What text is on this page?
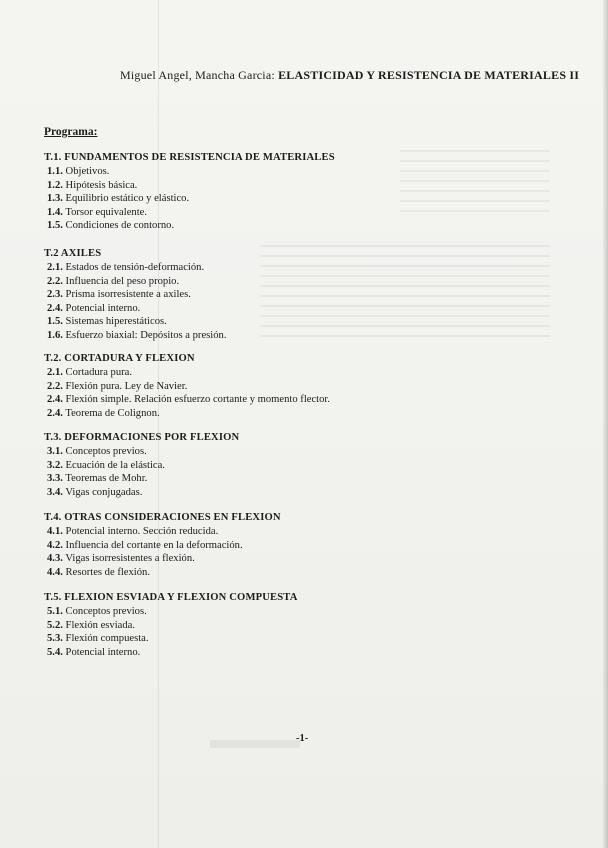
Miguel Angel, Mancha Garcia: ELASTICIDAD Y RESISTENCIA DE MATERIALES II
Programa:
T.1. FUNDAMENTOS DE RESISTENCIA DE MATERIALES
1.1. Objetivos.
1.2. Hipótesis básica.
1.3. Equilibrio estático y elástico.
1.4. Torsor equivalente.
1.5. Condiciones de contorno.
T.2 AXILES
2.1. Estados de tensión-deformación.
2.2. Influencia del peso propio.
2.3. Prisma isorresistente a axiles.
2.4. Potencial interno.
1.5. Sistemas hiperestáticos.
1.6. Esfuerzo biaxial: Depósitos a presión.
T.2. CORTADURA Y FLEXION
2.1. Cortadura pura.
2.2. Flexión pura. Ley de Navier.
2.4. Flexión simple. Relación esfuerzo cortante y momento flector.
2.4. Teorema de Colignon.
T.3. DEFORMACIONES POR FLEXION
3.1. Conceptos previos.
3.2. Ecuación de la elástica.
3.3. Teoremas de Mohr.
3.4. Vigas conjugadas.
T.4. OTRAS CONSIDERACIONES EN FLEXION
4.1. Potencial interno. Sección reducida.
4.2. Influencia del cortante en la deformación.
4.3. Vigas isorresistentes a flexión.
4.4. Resortes de flexión.
T.5. FLEXION ESVIADA Y FLEXION COMPUESTA
5.1. Conceptos previos.
5.2. Flexión esviada.
5.3. Flexión compuesta.
5.4. Potencial interno.
-1-
